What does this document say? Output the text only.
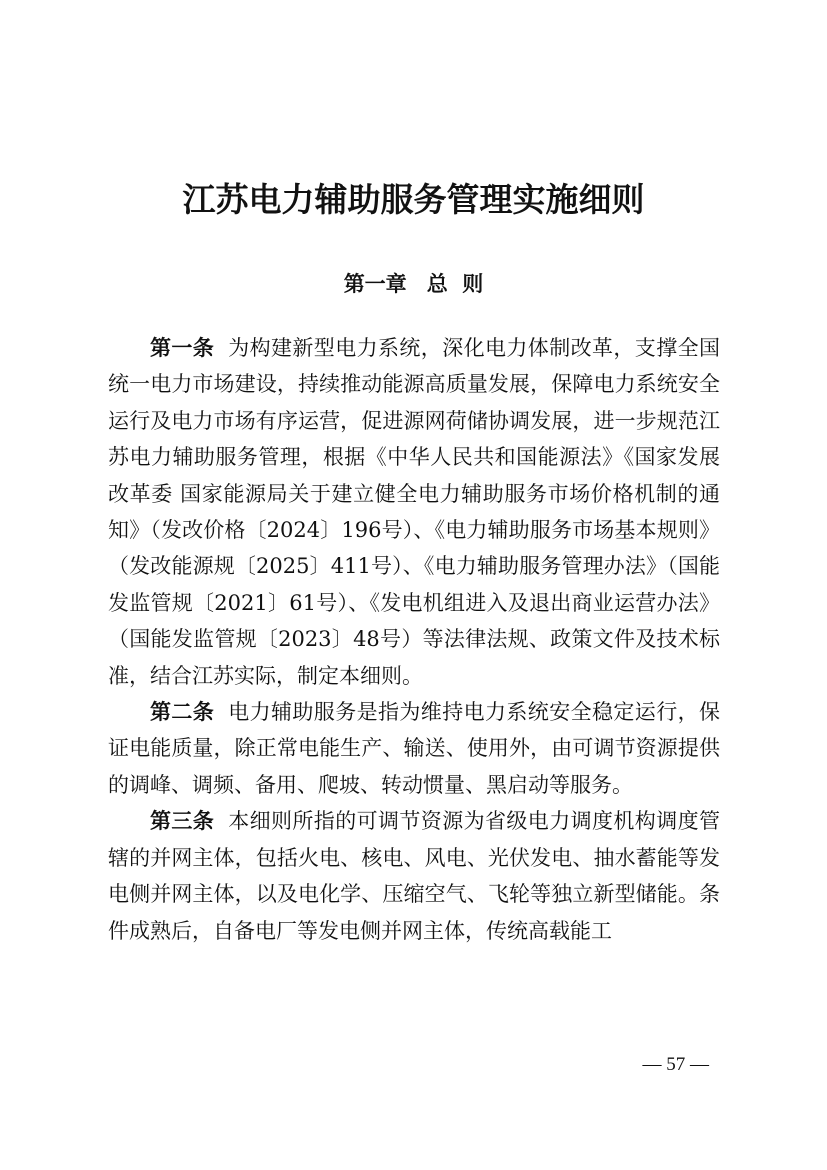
江苏电力辅助服务管理实施细则
第一章 总  则

第一条 为构建新型电力系统，深化电力体制改革，支撑全国统一电力市场建设，持续推动能源高质量发展，保障电力系统安全运行及电力市场有序运营，促进源网荷储协调发展，进一步规范江苏电力辅助服务管理，根据《中华人民共和国能源法》《国家发展改革委 国家能源局关于建立健全电力辅助服务市场价格机制的通知》（发改价格〔2024〕196号）、《电力辅助服务市场基本规则》（发改能源规〔2025〕411号）、《电力辅助服务管理办法》（国能发监管规〔2021〕61号）、《发电机组进入及退出商业运营办法》（国能发监管规〔2023〕48号）等法律法规、政策文件及技术标准，结合江苏实际，制定本细则。

第二条 电力辅助服务是指为维持电力系统安全稳定运行，保证电能质量，除正常电能生产、输送、使用外，由可调节资源提供的调峰、调频、备用、爬坡、转动惯量、黑启动等服务。

第三条 本细则所指的可调节资源为省级电力调度机构调度管辖的并网主体，包括火电、核电、风电、光伏发电、抽水蓄能等发电侧并网主体，以及电化学、压缩空气、飞轮等独立新型储能。条件成熟后，自备电厂等发电侧并网主体，传统高载能工

— 57 —
